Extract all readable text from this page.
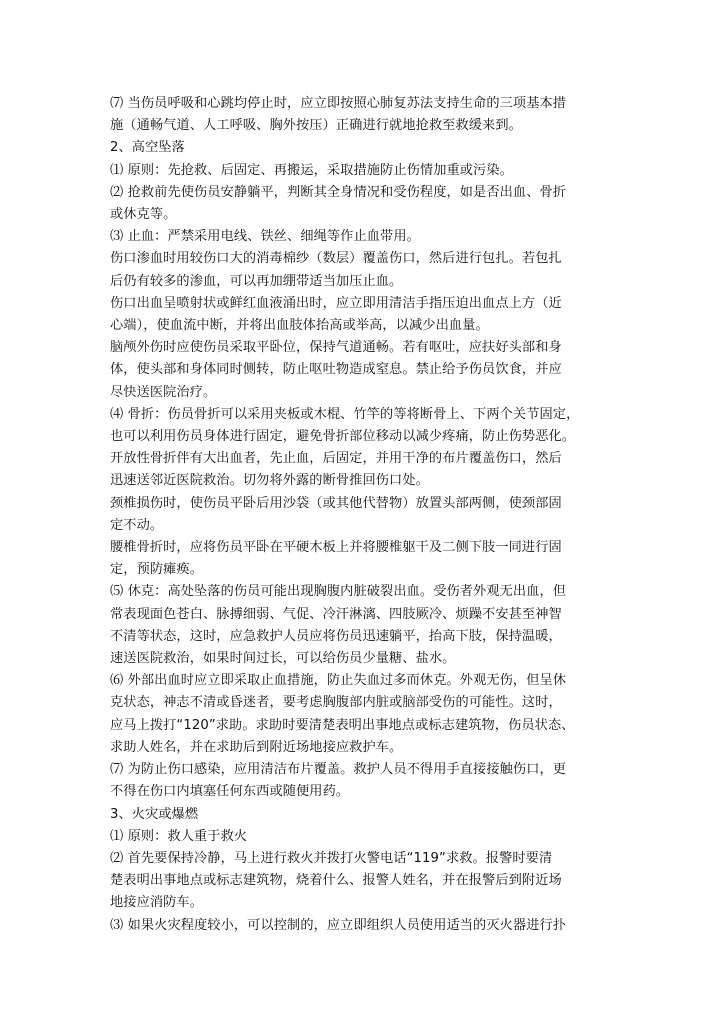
⑺ 当伤员呼吸和心跳均停止时，应立即按照心肺复苏法支持生命的三项基本措
施（通畅气道、人工呼吸、胸外按压）正确进行就地抢救至救缓来到。
2、高空坠落
⑴ 原则：先抢救、后固定、再搬运，采取措施防止伤情加重或污染。
⑵ 抢救前先使伤员安静躺平，判断其全身情况和受伤程度，如是否出血、骨折
或休克等。
⑶ 止血：严禁采用电线、铁丝、细绳等作止血带用。
伤口渗血时用较伤口大的消毒棉纱（数层）覆盖伤口，然后进行包扎。若包扎
后仍有较多的渗血，可以再加绷带适当加压止血。
伤口出血呈喷射状或鲜红血液涌出时，应立即用清洁手指压迫出血点上方（近
心端），使血流中断，并将出血肢体抬高或举高，以减少出血量。
脑颅外伤时应使伤员采取平卧位，保持气道通畅。若有呕吐，应扶好头部和身
体，使头部和身体同时侧转，防止呕吐物造成窒息。禁止给予伤员饮食，并应
尽快送医院治疗。
⑷ 骨折：伤员骨折可以采用夹板或木棍、竹竿的等将断骨上、下两个关节固定，
也可以利用伤员身体进行固定，避免骨折部位移动以减少疼痛，防止伤势恶化。
开放性骨折伴有大出血者，先止血，后固定，并用干净的布片覆盖伤口，然后
迅速送邻近医院救治。切勿将外露的断骨推回伤口处。
颈椎损伤时，使伤员平卧后用沙袋（或其他代替物）放置头部两侧，使颈部固
定不动。
腰椎骨折时，应将伤员平卧在平硬木板上并将腰椎躯干及二侧下肢一同进行固
定，预防瘫痪。
⑸ 休克：高处坠落的伤员可能出现胸腹内脏破裂出血。受伤者外观无出血，但
常表现面色苍白、脉搏细弱、气促、冷汗淋漓、四肢厥冷、烦躁不安甚至神智
不清等状态，这时，应急救护人员应将伤员迅速躺平，抬高下肢，保持温暖，
速送医院救治，如果时间过长，可以给伤员少量糖、盐水。
⑹ 外部出血时应立即采取止血措施，防止失血过多而休克。外观无伤，但呈休
克状态，神志不清或昏迷者，要考虑胸腹部内脏或脑部受伤的可能性。这时，
应马上拨打“120”求助。求助时要清楚表明出事地点或标志建筑物，伤员状态、
求助人姓名，并在求助后到附近场地接应救护车。
⑺ 为防止伤口感染，应用清洁布片覆盖。救护人员不得用手直接接触伤口，更
不得在伤口内填塞任何东西或随便用药。
3、火灾或爆燃
⑴ 原则：救人重于救火
⑵ 首先要保持冷静，马上进行救火并拨打火警电话“119”求救。报警时要清
楚表明出事地点或标志建筑物，烧着什么、报警人姓名，并在报警后到附近场
地接应消防车。
⑶ 如果火灾程度较小，可以控制的，应立即组织人员使用适当的灭火器进行扑
